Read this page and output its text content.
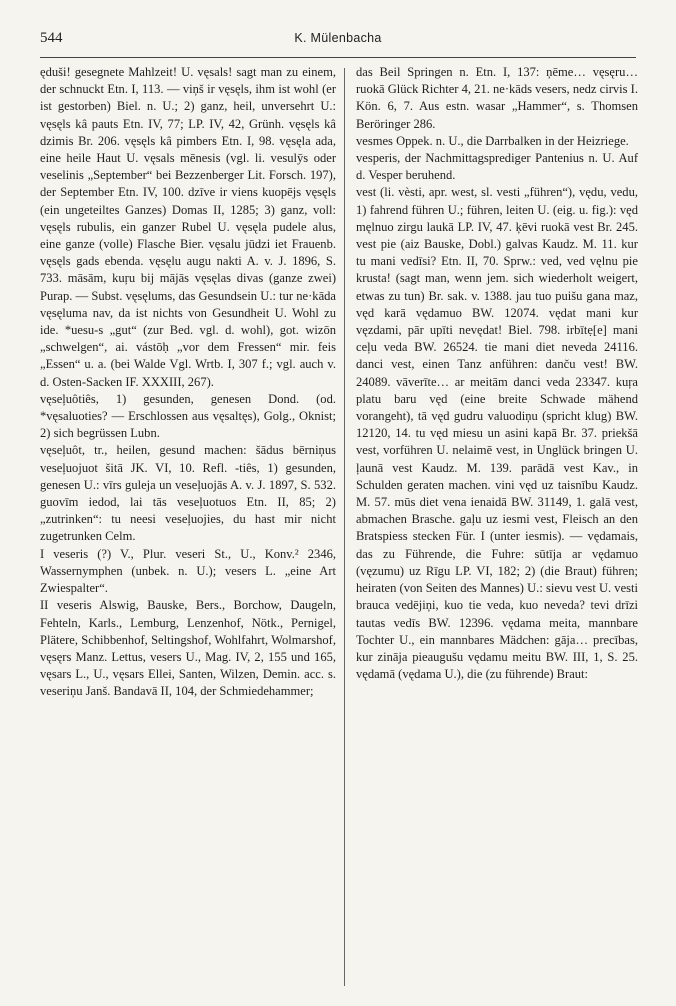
544	K. Mülenbacha

ęduši! gesegnete Mahlzeit! U. vęsals! sagt man zu einem, der schnuckt Etn. I, 113. — viņš ir vęsęls, ihm ist wohl (er ist gestorben) Biel. n. U.; 2) ganz, heil, unversehrt U.: vęsęls kâ pauts Etn. IV, 77; LP. IV, 42, Grünh. vęsęls kâ dzimis Br. 206. vęsęls kâ pimbers Etn. I, 98. vęsęla ada, eine heile Haut U. vęsals mēnesis (vgl. li. vesulȳs oder veselinis „September“ bei Bezzenberger Lit. Forsch. 197), der September Etn. IV, 100. dzīve ir viens kuopējs vęsęls (ein ungeteiltes Ganzes) Domas II, 1285; 3) ganz, voll: vęsęls rubulis, ein ganzer Rubel U. vęsęla pudele alus, eine ganze (volle) Flasche Bier. vęsalu jūdzi iet Frauenb. vęsęls gads ebenda. vęsęlu augu nakti A. v. J. 1896, S. 733. māsām, kuŗu bij mājās vęsęlas divas (ganze zwei) Purap. — Subst. vęsęlums, das Gesundsein U.: tur ne·kāda vęsęluma nav, da ist nichts von Gesundheit U. Wohl zu ide. *uesu-s „gut“ (zur Bed. vgl. d. wohl), got. wizōn „schwelgen“, ai. vástōḥ „vor dem Fressen“ mir. feis „Essen“ u. a. (bei Walde Vgl. Wrtb. I, 307 f.; vgl. auch v. d. Osten-Sacken IF. XXXIII, 267).

vęseļuôtiês, 1) gesunden, genesen Dond. (od. *vęsaluoties? — Erschlossen aus vęsaltęs), Golg., Oknist; 2) sich begrüssen Lubn.

vęseļuôt, tr., heilen, gesund machen: šādus bērniņus veseļuojuot šitā JK. VI, 10. Refl. -tiês, 1) gesunden, genesen U.: vīrs guleja un veseļuojās A. v. J. 1897, S. 532. guovīm iedod, lai tās veseļuotuos Etn. II, 85; 2) „zutrinken“: tu neesi veseļuojies, du hast mir nicht zugetrunken Celm.

I veseris (?) V., Plur. veseri St., U., Konv.² 2346, Wassernymphen (unbek. n. U.); vesers L. „eine Art Zwiespalter“.

II veseris Alswig, Bauske, Bers., Borchow, Daugeln, Fehteln, Karls., Lemburg, Lenzenhof, Nötk., Pernigel, Plätere, Schibbenhof, Seltingshof, Wohlfahrt, Wolmarshof, vęsęrs Manz. Lettus, vesers U., Mag. IV, 2, 155 und 165, vęsars L., U., vęsars Ellei, Santen, Wilzen, Demin. acc. s. veseriņu Janš. Bandavā II, 104, der Schmiedehammer;

das Beil Springen n. Etn. I, 137: ņēme… vęsęru… ruokā Glück Richter 4, 21. ne·kāds vesers, nedz cirvis I. Kön. 6, 7. Aus estn. wasar „Hammer“, s. Thomsen Beröringer 286.

vesmes Oppek. n. U., die Darrbalken in der Heizriege.

vesperis, der Nachmittagsprediger Pantenius n. U. Auf d. Vesper beruhend.

vest (li. vèsti, apr. west, sl. vesti „führen“), vędu, vedu, 1) fahrend führen U.; führen, leiten U. (eig. u. fig.): vęd męlnuo zirgu laukā LP. IV, 47. ķēvi ruokā vest Br. 245. vest pie (aiz Bauske, Dobl.) galvas Kaudz. M. 11. kur tu mani vedīsi? Etn. II, 70. Sprw.: ved, ved vęlnu pie krusta! (sagt man, wenn jem. sich wiederholt weigert, etwas zu tun) Br. sak. v. 1388. jau tuo puišu gana maz, vęd karā vędamuo BW. 12074. vędat mani kur vęzdami, pār upīti nevędat! Biel. 798. irbītẹ[e] mani ceļu veda BW. 26524. tie mani diet neveda 24116. danci vest, einen Tanz anführen: danču vest! BW. 24089. vāverīte… ar meitām danci veda 23347. kuŗa platu baru vęd (eine breite Schwade mähend vorangeht), tā vęd gudru valuodiņu (spricht klug) BW. 12120, 14. tu vęd miesu un asini kapā Br. 37. priekšā vest, vorführen U. nelaimē vest, in Unglück bringen U. ļaunā vest Kaudz. M. 139. parādā vest Kav., in Schulden geraten machen. vini vęd uz taisnību Kaudz. M. 57. mūs diet vena ienaidā BW. 31149, 1. galā vest, abmachen Brasche. gaļu uz iesmi vest, Fleisch an den Bratspiess stecken Für. I (unter iesmis). — vędamais, das zu Führende, die Fuhre: sūtīja ar vędamuo (vęzumu) uz Rīgu LP. VI, 182; 2) (die Braut) führen; heiraten (von Seiten des Mannes) U.: sievu vest U. vesti brauca vedējiņi, kuo tie veda, kuo neveda? tevi drīzi tautas vedīs BW. 12396. vędama meita, mannbare Tochter U., ein mannbares Mädchen: gāja… precības, kur zināja pieaugušu vędamu meitu BW. III, 1, S. 25. vędamā (vędama U.), die (zu führende) Braut:
